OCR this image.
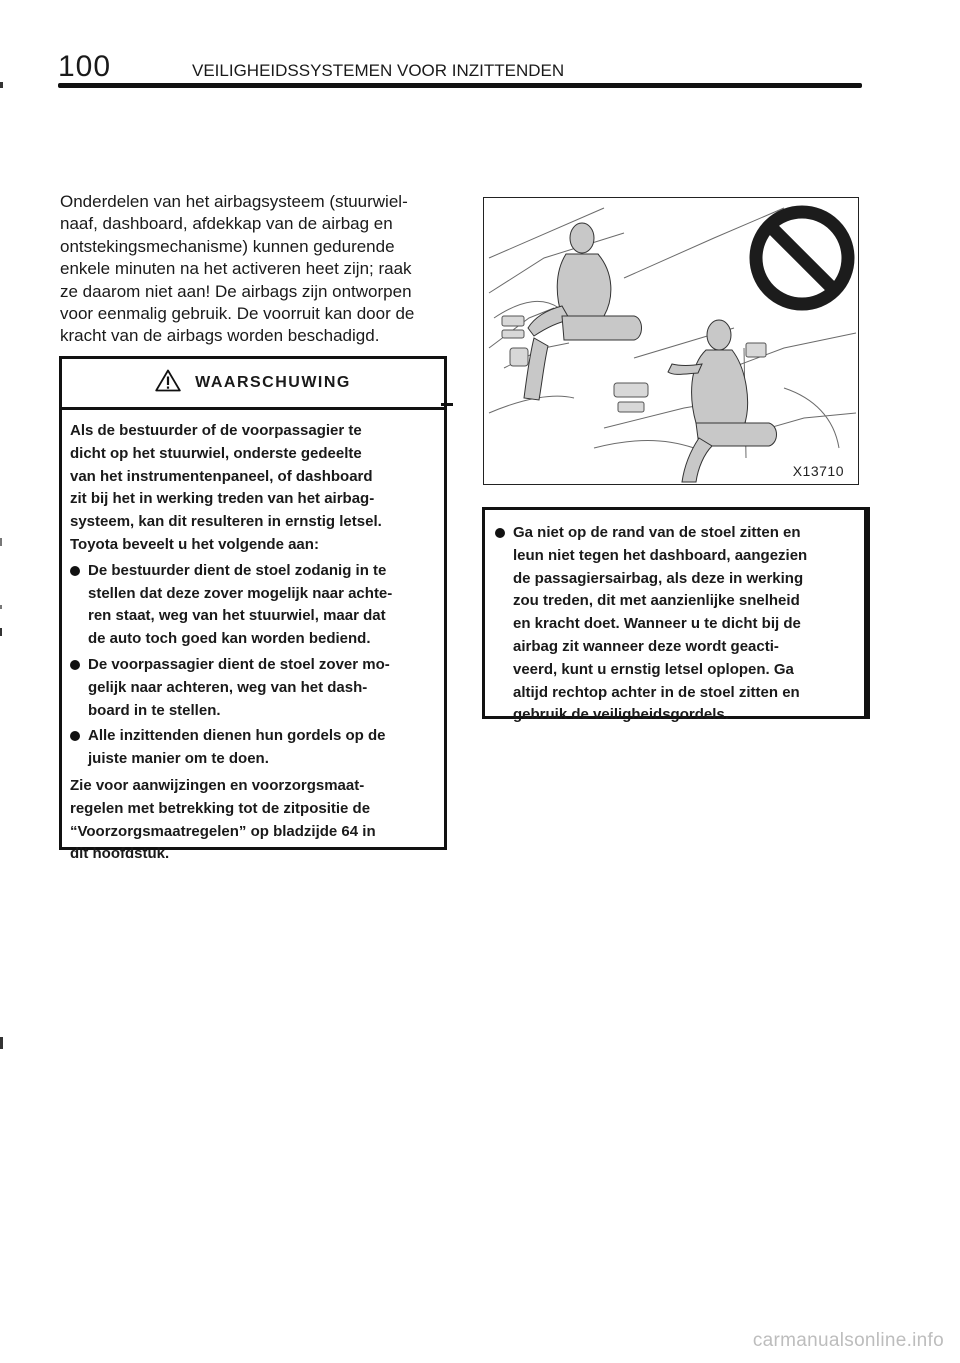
100	VEILIGHEIDSSYSTEMEN VOOR INZITTENDEN

Onderdelen van het airbagsysteem (stuurwiel-
naaf, dashboard, afdekkap van de airbag en
ontstekingsmechanisme) kunnen gedurende
enkele minuten na het activeren heet zijn; raak
ze daarom niet aan! De airbags zijn ontworpen
voor eenmalig gebruik. De voorruit kan door de
kracht van de airbags worden beschadigd.

WAARSCHUWING

Als de bestuurder of de voorpassagier te
dicht op het stuurwiel, onderste gedeelte
van het instrumentenpaneel, of dashboard
zit bij het in werking treden van het airbag-
systeem, kan dit resulteren in ernstig letsel.
Toyota beveelt u het volgende aan:

De bestuurder dient de stoel zodanig in te
stellen dat deze zover mogelijk naar achte-
ren staat, weg van het stuurwiel, maar dat
de auto toch goed kan worden bediend.
De voorpassagier dient de stoel zover mo-
gelijk naar achteren, weg van het dash-
board in te stellen.
Alle inzittenden dienen hun gordels op de
juiste manier om te doen.

Zie voor aanwijzingen en voorzorgsmaat-
regelen met betrekking tot de zitpositie de
“Voorzorgsmaatregelen” op bladzijde 64 in
dit hoofdstuk.

X13710
Ga niet op de rand van de stoel zitten en
leun niet tegen het dashboard, aangezien
de passagiersairbag, als deze in werking
zou treden, dit met aanzienlijke snelheid
en kracht doet. Wanneer u te dicht bij de
airbag zit wanneer deze wordt geacti-
veerd, kunt u ernstig letsel oplopen. Ga
altijd rechtop achter in de stoel zitten en
gebruik de veiligheidsgordels.
carmanualsonline.info
